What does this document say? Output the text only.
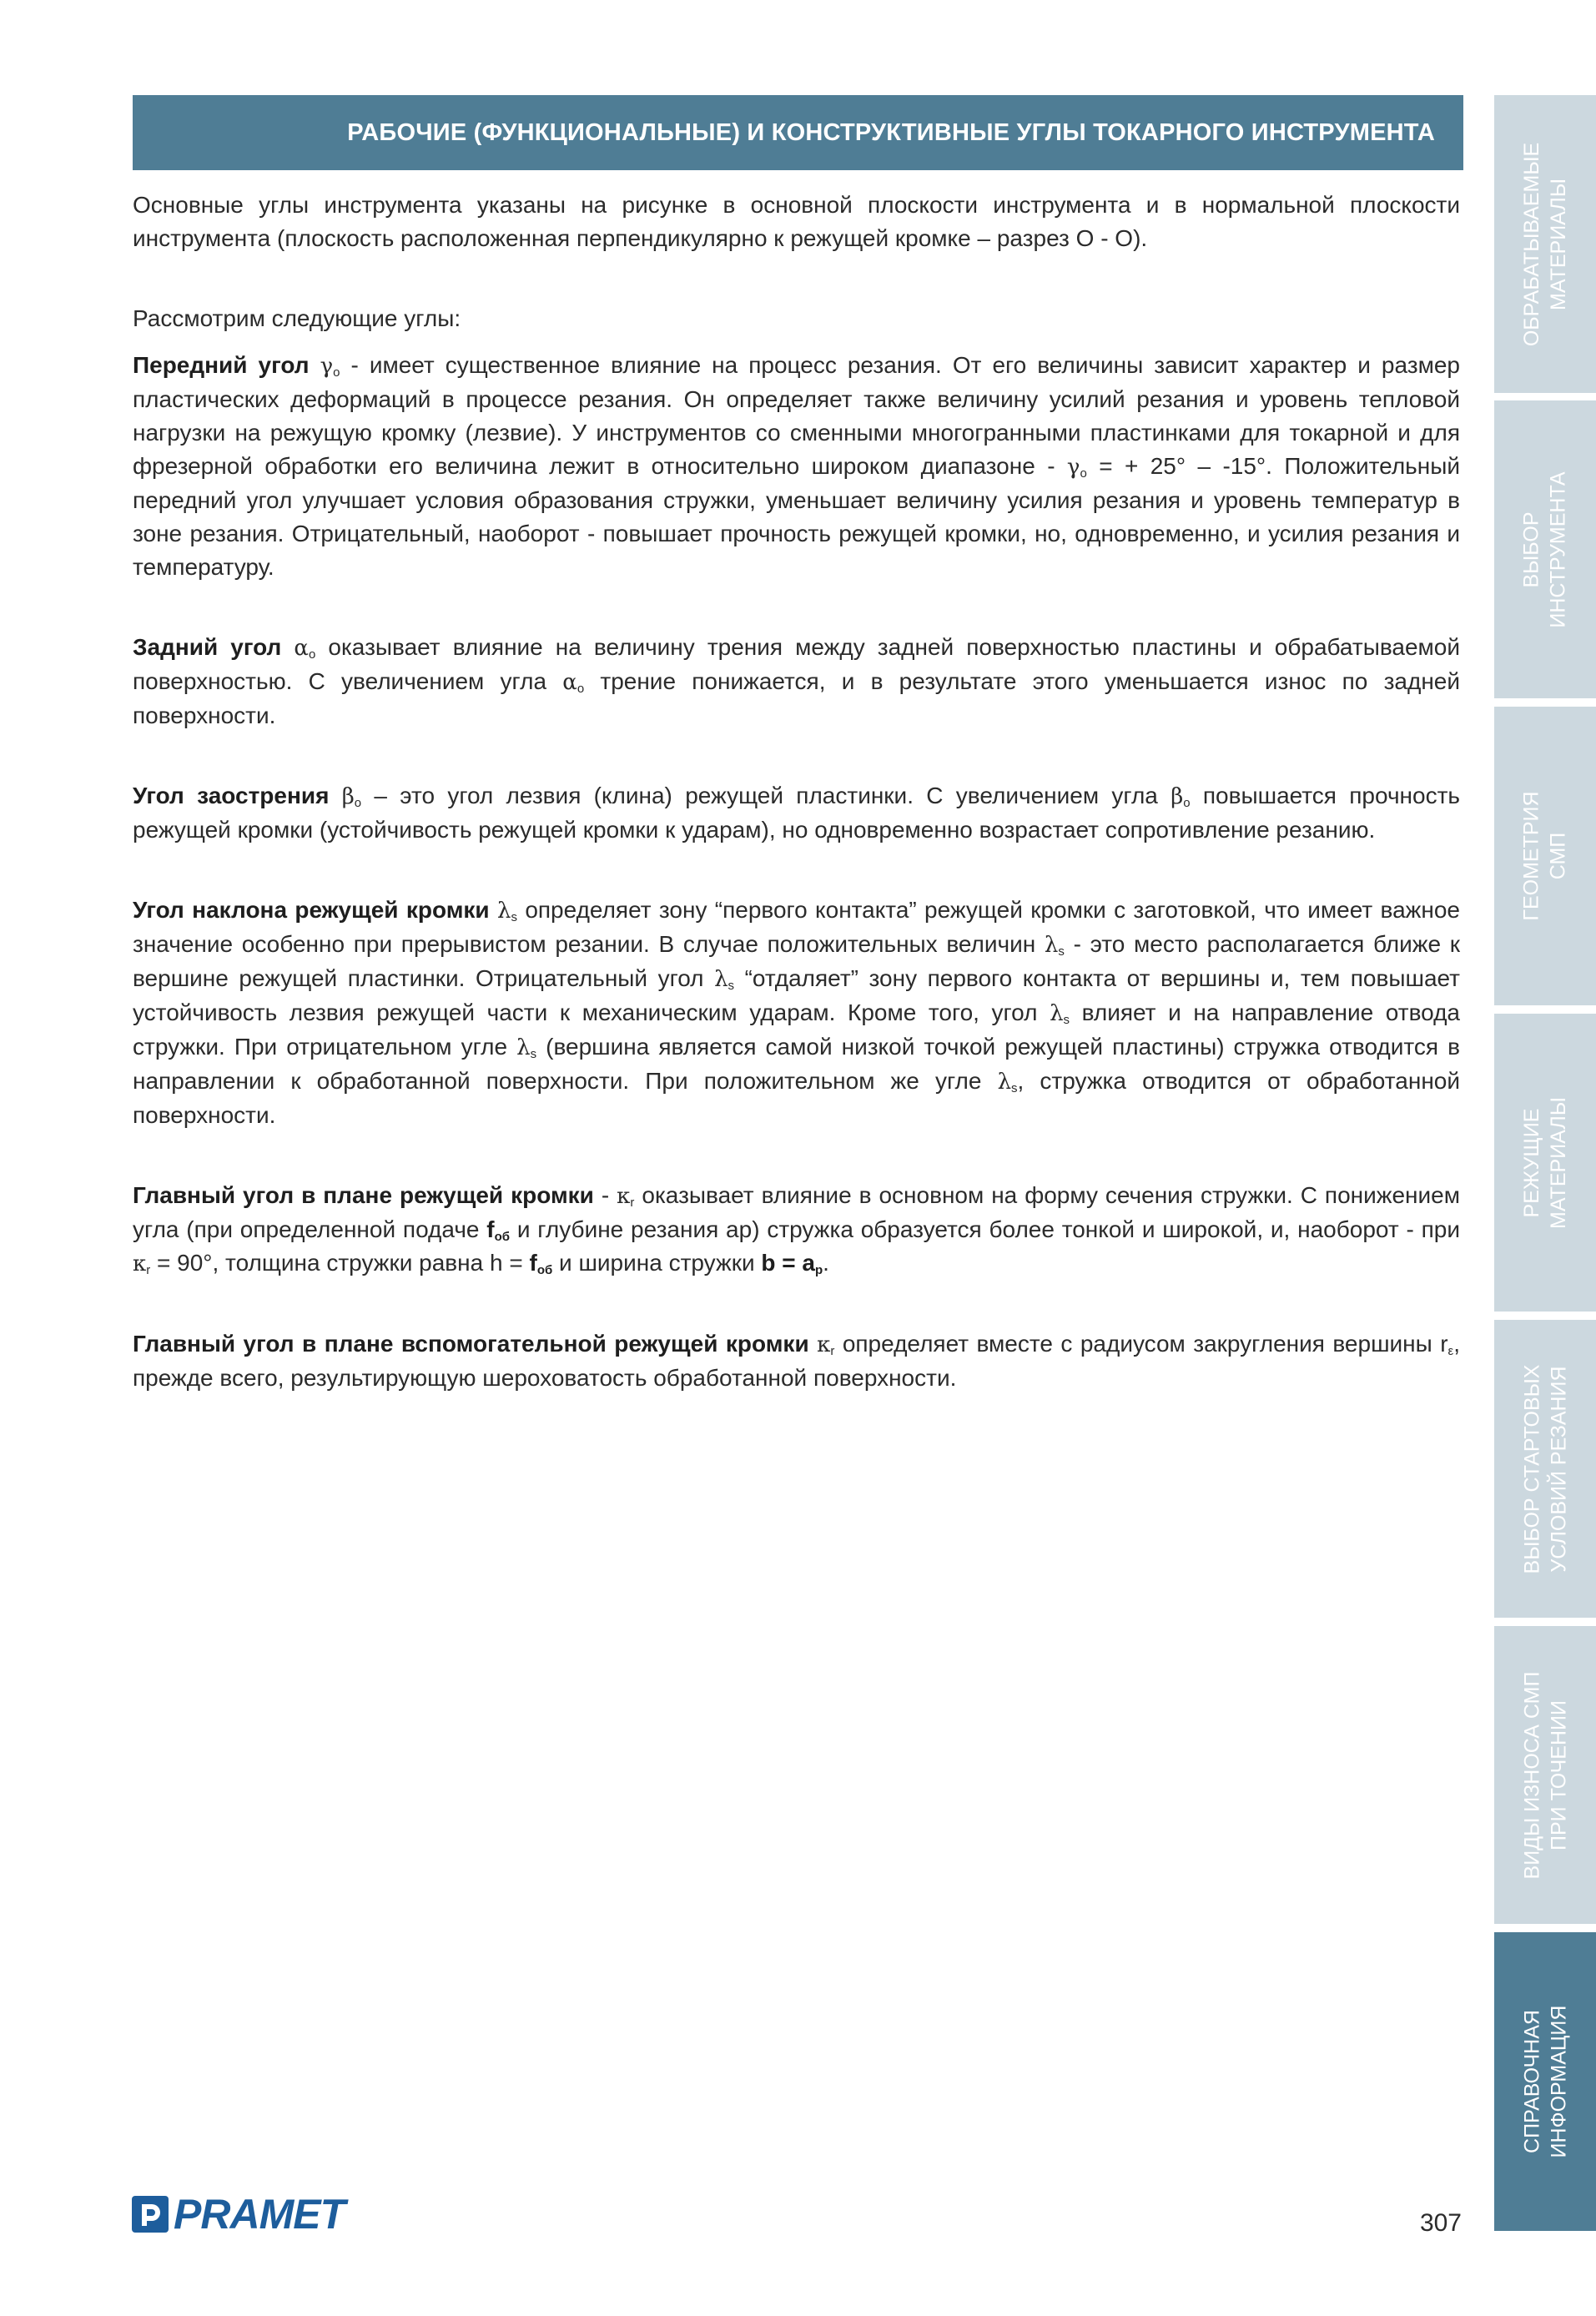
РАБОЧИЕ (ФУНКЦИОНАЛЬНЫЕ) И КОНСТРУКТИВНЫЕ УГЛЫ ТОКАРНОГО ИНСТРУМЕНТА

Основные углы инструмента указаны на рисунке в основной плоскости инструмента и в нормальной плоскости инструмента (плоскость расположенная перпендикулярно к режущей кромке – разрез О - О).

Рассмотрим следующие углы:

Передний угол $\gamma_o$ - имеет существенное влияние на процесс резания. От его величины зависит характер и размер пластических деформаций в процессе резания. Он определяет также величину усилий резания и уровень тепловой нагрузки на режущую кромку (лезвие). У инструментов со сменными многогранными пластинками для токарной и для фрезерной обработки его величина лежит в относительно широком диапазоне - $\gamma_o$ = + 25° – -15°. Положительный передний угол улучшает условия образования стружки, уменьшает величину усилия резания и уровень температур в зоне резания. Отрицательный, наоборот - повышает прочность режущей кромки, но, одновременно, и усилия резания и температуру.

Задний угол $\alpha_o$ оказывает влияние на величину трения между задней поверхностью пластины и обрабатываемой поверхностью. С увеличением угла $\alpha_o$ трение понижается, и в результате этого уменьшается износ по задней поверхности.

Угол заострения $\beta_o$ – это угол лезвия (клина) режущей пластинки. С увеличением угла $\beta_o$ повышается прочность режущей кромки (устойчивость режущей кромки к ударам), но одновременно возрастает сопротивление резанию.

Угол наклона режущей кромки $\lambda_s$ определяет зону “первого контакта” режущей кромки с заготовкой, что имеет важное значение особенно при прерывистом резании. В случае положительных величин $\lambda_s$ - это место располагается ближе к вершине режущей пластинки. Отрицательный угол $\lambda_s$ “отдаляет” зону первого контакта от вершины и, тем повышает устойчивость лезвия режущей части к механическим ударам. Кроме того, угол $\lambda_s$ влияет и на направление отвода стружки. При отрицательном угле $\lambda_s$ (вершина является самой низкой точкой режущей пластины) стружка отводится в направлении к обработанной поверхности. При положительном же угле $\lambda_s$, стружка отводится от обработанной поверхности.

Главный угол в плане режущей кромки - $\kappa_r$ оказывает влияние в основном на форму сечения стружки. С понижением угла (при определенной подаче $f_{об}$ и глубине резания ap) стружка образуется более тонкой и широкой, и, наоборот - при $\kappa_r = 90^\circ$, толщина стружки равна $h = f_{об}$ и ширина стружки $b = a_p$.

Главный угол в плане вспомогательной режущей кромки $\kappa_r$ определяет вместе с радиусом закругления вершины $r_\varepsilon$, прежде всего, результирующую шероховатость обработанной поверхности.

ОБРАБАТЫВАЕМЫЕ МАТЕРИАЛЫ
ВЫБОР ИНСТРУМЕНТА
ГЕОМЕТРИЯ СМП
РЕЖУЩИЕ МАТЕРИАЛЫ
ВЫБОР СТАРТОВЫХ УСЛОВИЙ РЕЗАНИЯ
ВИДЫ ИЗНОСА СМП ПРИ ТОЧЕНИИ
СПРАВОЧНАЯ ИНФОРМАЦИЯ
PRAMET	307
